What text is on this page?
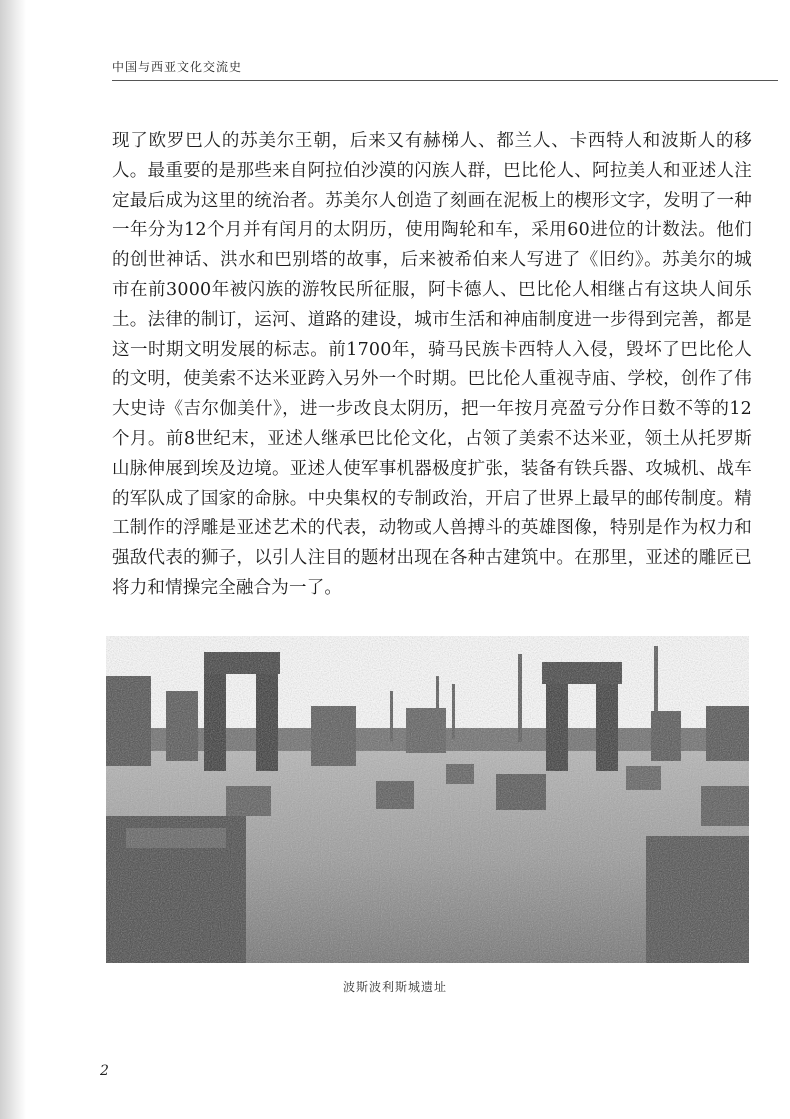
中国与西亚文化交流史

现了欧罗巴人的苏美尔王朝，后来又有赫梯人、都兰人、卡西特人和波斯人的移人。最重要的是那些来自阿拉伯沙漠的闪族人群，巴比伦人、阿拉美人和亚述人注定最后成为这里的统治者。苏美尔人创造了刻画在泥板上的楔形文字，发明了一种一年分为12个月并有闰月的太阴历，使用陶轮和车，采用60进位的计数法。他们的创世神话、洪水和巴别塔的故事，后来被希伯来人写进了《旧约》。苏美尔的城市在前3000年被闪族的游牧民所征服，阿卡德人、巴比伦人相继占有这块人间乐土。法律的制订，运河、道路的建设，城市生活和神庙制度进一步得到完善，都是这一时期文明发展的标志。前1700年，骑马民族卡西特人入侵，毁坏了巴比伦人的文明，使美索不达米亚跨入另外一个时期。巴比伦人重视寺庙、学校，创作了伟大史诗《吉尔伽美什》，进一步改良太阴历，把一年按月亮盈亏分作日数不等的12个月。前8世纪末，亚述人继承巴比伦文化，占领了美索不达米亚，领土从托罗斯山脉伸展到埃及边境。亚述人使军事机器极度扩张，装备有铁兵器、攻城机、战车的军队成了国家的命脉。中央集权的专制政治，开启了世界上最早的邮传制度。精工制作的浮雕是亚述艺术的代表，动物或人兽搏斗的英雄图像，特别是作为权力和强敌代表的狮子，以引人注目的题材出现在各种古建筑中。在那里，亚述的雕匠已将力和情操完全融合为一了。

波斯波利斯城遗址
2
